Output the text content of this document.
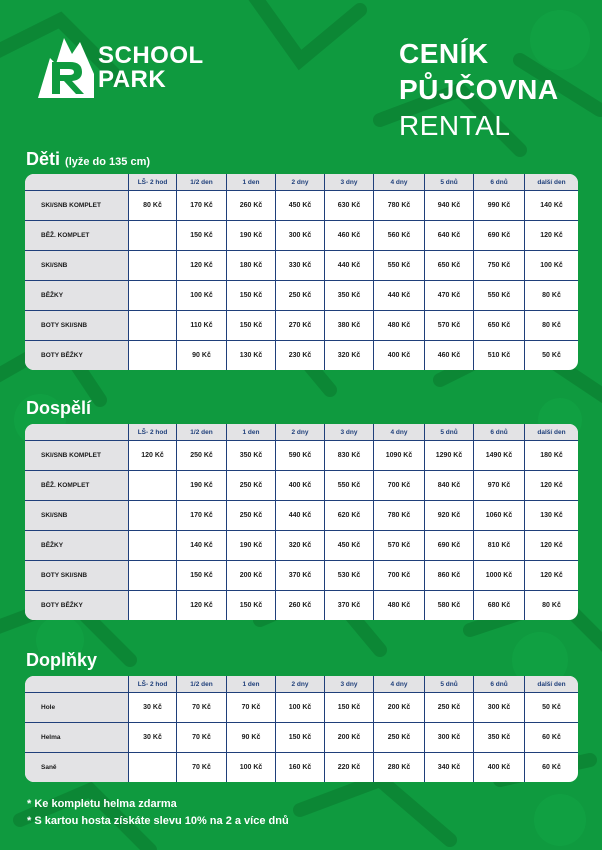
SCHOOL
PARK
CENÍK
PŮJČOVNA
RENTAL
Děti (lyže do 135 cm)
	LŠ- 2 hod	1/2 den	1 den	2 dny	3 dny	4 dny	5 dnů	6 dnů	další den
SKI/SNB KOMPLET	80 Kč	170 Kč	260 Kč	450 Kč	630 Kč	780 Kč	940 Kč	990 Kč	140 Kč
BĚŽ. KOMPLET		150 Kč	190 Kč	300 Kč	460 Kč	560 Kč	640 Kč	690 Kč	120 Kč
SKI/SNB		120 Kč	180 Kč	330 Kč	440 Kč	550 Kč	650 Kč	750 Kč	100 Kč
BĚŽKY		100 Kč	150 Kč	250 Kč	350 Kč	440 Kč	470 Kč	550 Kč	80 Kč
BOTY SKI/SNB		110 Kč	150 Kč	270 Kč	380 Kč	480 Kč	570 Kč	650 Kč	80 Kč
BOTY BĚŽKY		90 Kč	130 Kč	230 Kč	320 Kč	400 Kč	460 Kč	510 Kč	50 Kč
Dospělí
	LŠ- 2 hod	1/2 den	1 den	2 dny	3 dny	4 dny	5 dnů	6 dnů	další den
SKI/SNB KOMPLET	120 Kč	250 Kč	350 Kč	590 Kč	830 Kč	1090 Kč	1290 Kč	1490 Kč	180 Kč
BĚŽ. KOMPLET		190 Kč	250 Kč	400 Kč	550 Kč	700 Kč	840 Kč	970 Kč	120 Kč
SKI/SNB		170 Kč	250 Kč	440 Kč	620 Kč	780 Kč	920 Kč	1060 Kč	130 Kč
BĚŽKY		140 Kč	190 Kč	320 Kč	450 Kč	570 Kč	690 Kč	810 Kč	120 Kč
BOTY SKI/SNB		150 Kč	200 Kč	370 Kč	530 Kč	700 Kč	860 Kč	1000 Kč	120 Kč
BOTY BĚŽKY		120 Kč	150 Kč	260 Kč	370 Kč	480 Kč	580 Kč	680 Kč	80 Kč
Doplňky
	LŠ- 2 hod	1/2 den	1 den	2 dny	3 dny	4 dny	5 dnů	6 dnů	další den
Hole	30 Kč	70 Kč	70 Kč	100 Kč	150 Kč	200 Kč	250 Kč	300 Kč	50 Kč
Helma	30 Kč	70 Kč	90 Kč	150 Kč	200 Kč	250 Kč	300 Kč	350 Kč	60 Kč
Saně		70 Kč	100 Kč	160 Kč	220 Kč	280 Kč	340 Kč	400 Kč	60 Kč
* Ke kompletu helma zdarma
* S kartou hosta získáte slevu 10% na 2 a více dnů
